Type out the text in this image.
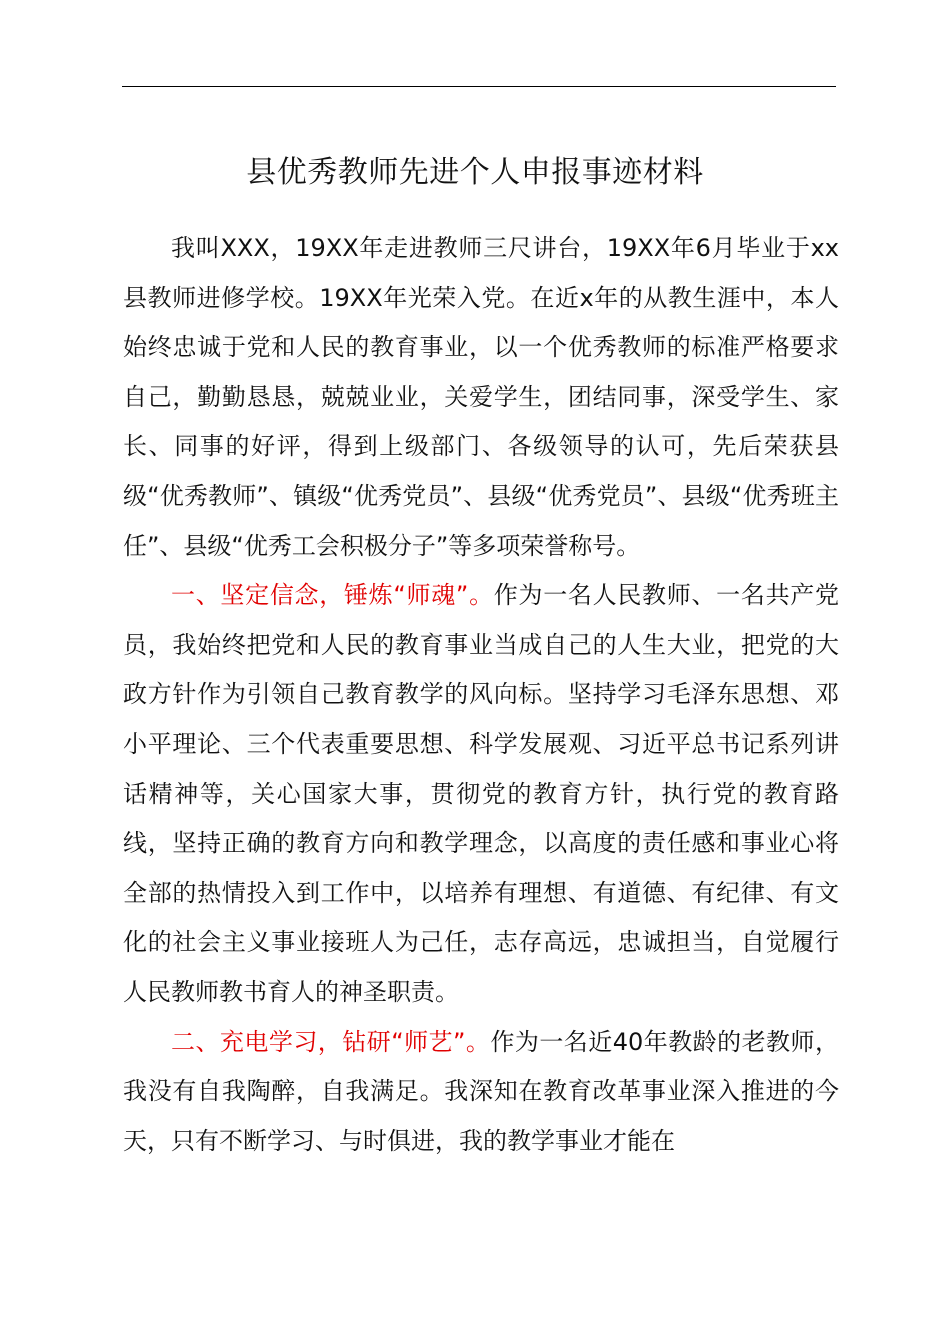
县优秀教师先进个人申报事迹材料

我叫XXX，19XX年走进教师三尺讲台，19XX年6月毕业于xx县教师进修学校。19XX年光荣入党。在近x年的从教生涯中，本人始终忠诚于党和人民的教育事业，以一个优秀教师的标准严格要求自己，勤勤恳恳，兢兢业业，关爱学生，团结同事，深受学生、家长、同事的好评，得到上级部门、各级领导的认可，先后荣获县级“优秀教师”、镇级“优秀党员”、县级“优秀党员”、县级“优秀班主任”、县级“优秀工会积极分子”等多项荣誉称号。

一、坚定信念，锤炼“师魂”。作为一名人民教师、一名共产党员，我始终把党和人民的教育事业当成自己的人生大业，把党的大政方针作为引领自己教育教学的风向标。坚持学习毛泽东思想、邓小平理论、三个代表重要思想、科学发展观、习近平总书记系列讲话精神等，关心国家大事，贯彻党的教育方针，执行党的教育路线，坚持正确的教育方向和教学理念，以高度的责任感和事业心将全部的热情投入到工作中，以培养有理想、有道德、有纪律、有文化的社会主义事业接班人为己任，志存高远，忠诚担当，自觉履行人民教师教书育人的神圣职责。

二、充电学习，钻研“师艺”。作为一名近40年教龄的老教师，我没有自我陶醉，自我满足。我深知在教育改革事业深入推进的今天，只有不断学习、与时俱进，我的教学事业才能在
